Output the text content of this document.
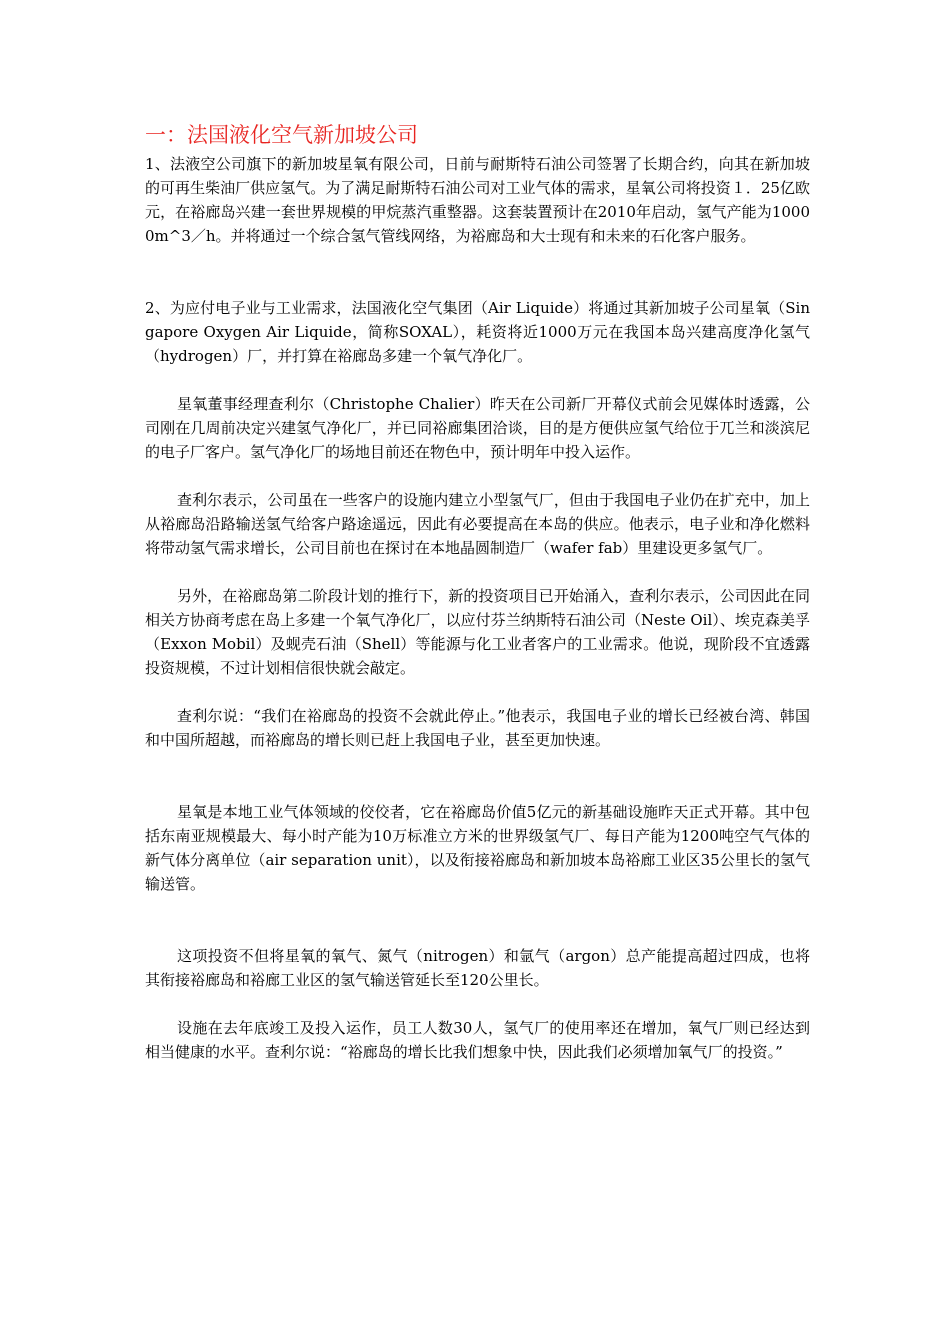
一：法国液化空气新加坡公司

1、法液空公司旗下的新加坡星氧有限公司，日前与耐斯特石油公司签署了长期合约，向其在新加坡的可再生柴油厂供应氢气。为了满足耐斯特石油公司对工业气体的需求，星氧公司将投资１．25亿欧元，在裕廊岛兴建一套世界规模的甲烷蒸汽重整器。这套装置预计在2010年启动，氢气产能为10000m^3／h。并将通过一个综合氢气管线网络，为裕廊岛和大士现有和未来的石化客户服务。

2、为应付电子业与工业需求，法国液化空气集团（Air Liquide）将通过其新加坡子公司星氧（Singapore Oxygen Air Liquide，简称SOXAL），耗资将近1000万元在我国本岛兴建高度净化氢气（hydrogen）厂，并打算在裕廊岛多建一个氧气净化厂。

星氧董事经理查利尔（Christophe Chalier）昨天在公司新厂开幕仪式前会见媒体时透露，公司刚在几周前决定兴建氢气净化厂，并已同裕廊集团洽谈，目的是方便供应氢气给位于兀兰和淡滨尼的电子厂客户。氢气净化厂的场地目前还在物色中，预计明年中投入运作。

查利尔表示，公司虽在一些客户的设施内建立小型氢气厂，但由于我国电子业仍在扩充中，加上从裕廊岛沿路输送氢气给客户路途遥远，因此有必要提高在本岛的供应。他表示，电子业和净化燃料将带动氢气需求增长，公司目前也在探讨在本地晶圆制造厂（wafer fab）里建设更多氢气厂。

另外，在裕廊岛第二阶段计划的推行下，新的投资项目已开始涌入，查利尔表示，公司因此在同相关方协商考虑在岛上多建一个氧气净化厂，以应付芬兰纳斯特石油公司（Neste Oil）、埃克森美孚（Exxon Mobil）及蚬壳石油（Shell）等能源与化工业者客户的工业需求。他说，现阶段不宜透露投资规模，不过计划相信很快就会敲定。

查利尔说：“我们在裕廊岛的投资不会就此停止。”他表示，我国电子业的增长已经被台湾、韩国和中国所超越，而裕廊岛的增长则已赶上我国电子业，甚至更加快速。

星氧是本地工业气体领域的佼佼者，它在裕廊岛价值5亿元的新基础设施昨天正式开幕。其中包括东南亚规模最大、每小时产能为10万标准立方米的世界级氢气厂、每日产能为1200吨空气气体的新气体分离单位（air separation unit），以及衔接裕廊岛和新加坡本岛裕廊工业区35公里长的氢气输送管。

这项投资不但将星氧的氧气、氮气（nitrogen）和氩气（argon）总产能提高超过四成，也将其衔接裕廊岛和裕廊工业区的氢气输送管延长至120公里长。

设施在去年底竣工及投入运作，员工人数30人，氢气厂的使用率还在增加，氧气厂则已经达到相当健康的水平。查利尔说：“裕廊岛的增长比我们想象中快，因此我们必须增加氧气厂的投资。”
